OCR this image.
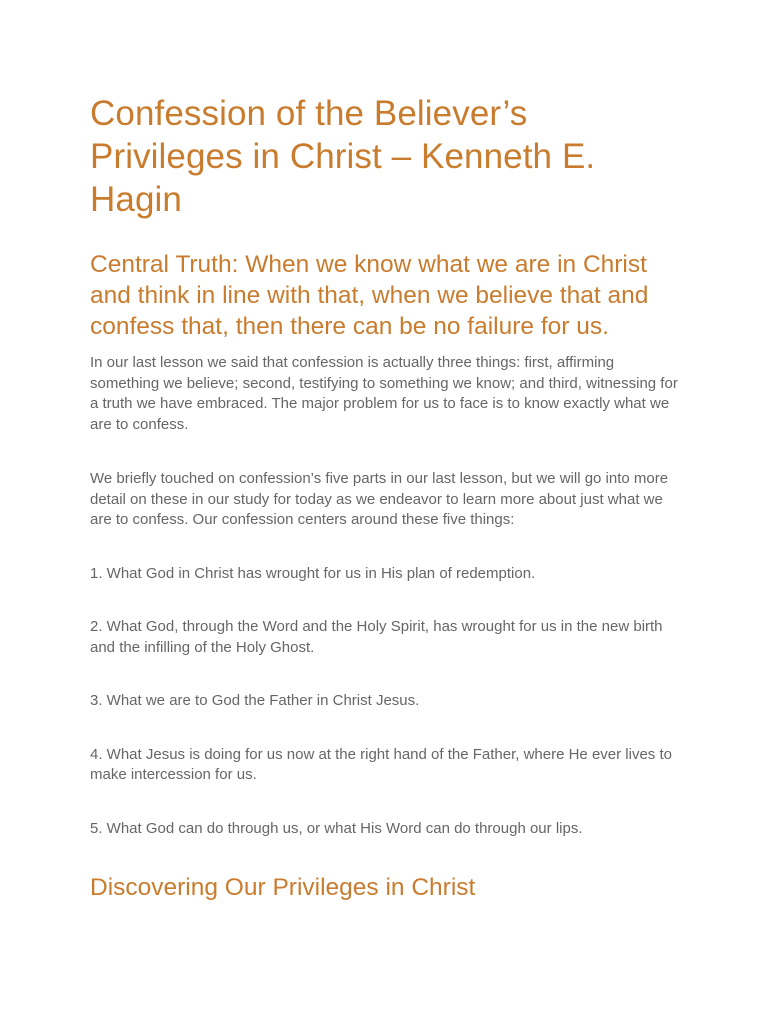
Confession of the Believer’s Privileges in Christ – Kenneth E. Hagin
Central Truth: When we know what we are in Christ and think in line with that, when we believe that and confess that, then there can be no failure for us.

In our last lesson we said that confession is actually three things: first, affirming something we believe; second, testifying to something we know; and third, witnessing for a truth we have embraced. The major problem for us to face is to know exactly what we are to confess.

We briefly touched on confession’s five parts in our last lesson, but we will go into more detail on these in our study for today as we endeavor to learn more about just what we are to confess. Our confession centers around these five things:

1. What God in Christ has wrought for us in His plan of redemption.

2. What God, through the Word and the Holy Spirit, has wrought for us in the new birth and the infilling of the Holy Ghost.

3. What we are to God the Father in Christ Jesus.

4. What Jesus is doing for us now at the right hand of the Father, where He ever lives to make intercession for us.

5. What God can do through us, or what His Word can do through our lips.

Discovering Our Privileges in Christ
